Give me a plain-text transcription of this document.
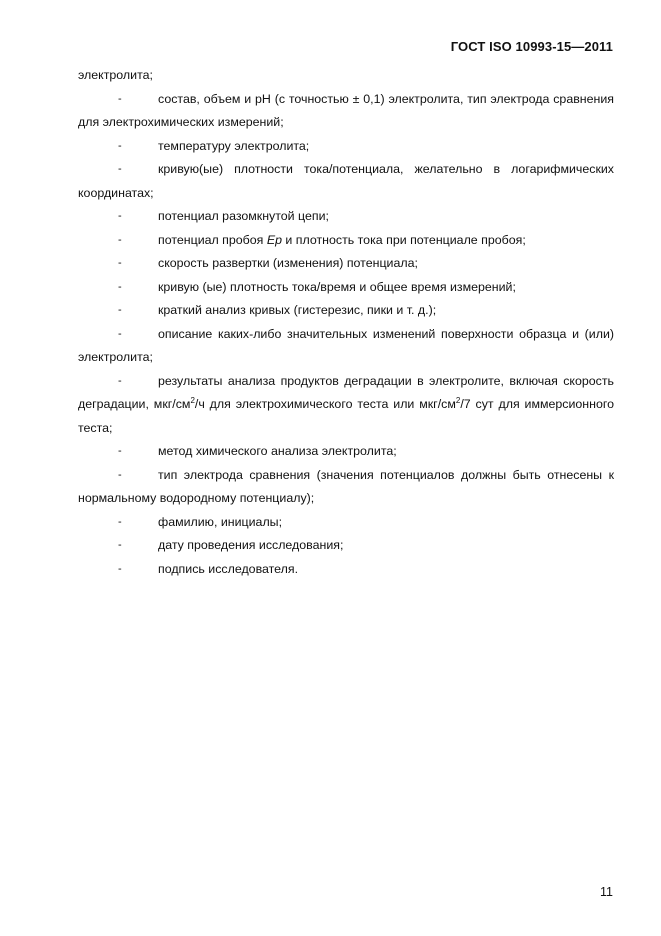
ГОСТ ISO 10993-15—2011

электролита;

-	состав, объем и рН (с точностью ± 0,1) электролита, тип электрода сравнения для электрохимических измерений;

-	температуру электролита;

-	кривую(ые) плотности тока/потенциала, желательно в логарифмических координатах;

-	потенциал разомкнутой цепи;

-	потенциал пробоя Ep и плотность тока при потенциале пробоя;

-	скорость развертки (изменения) потенциала;

-	кривую (ые) плотность тока/время и общее время измерений;

-	краткий анализ кривых (гистерезис, пики и т. д.);

-	описание каких-либо значительных изменений поверхности образца и (или) электролита;

-	результаты анализа продуктов деградации в электролите, включая скорость деградации, мкг/$см^2/ч$ для электрохимического теста или мкг/$см^2/7$ сут для иммерсионного теста;

-	метод химического анализа электролита;

-	тип электрода сравнения (значения потенциалов должны быть отнесены к нормальному водородному потенциалу);

-	фамилию, инициалы;

-	дату проведения исследования;

-	подпись исследователя.

11
